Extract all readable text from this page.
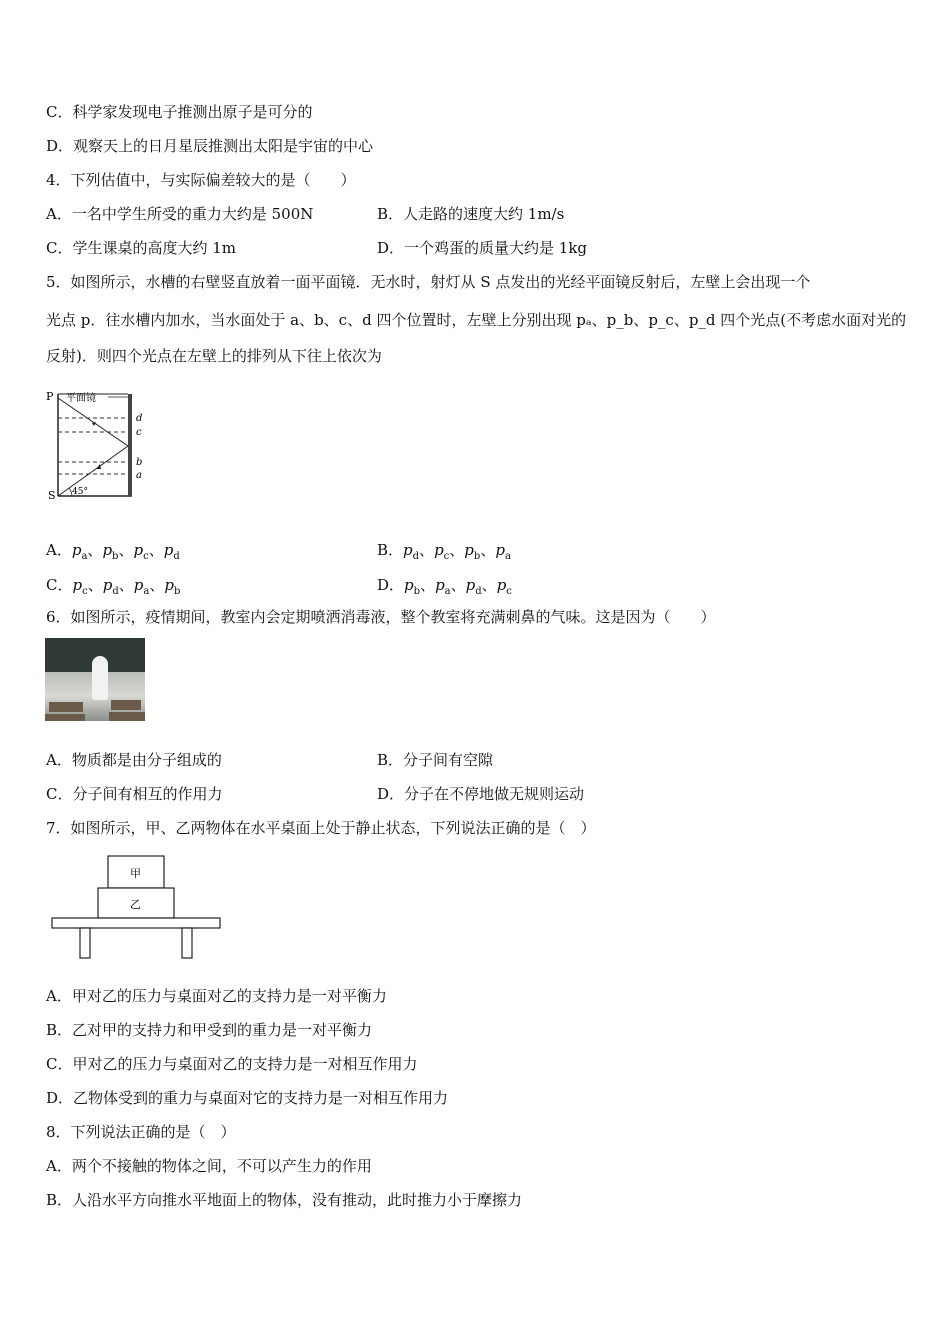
C．科学家发现电子推测出原子是可分的
D．观察天上的日月星辰推测出太阳是宇宙的中心
4．下列估值中，与实际偏差较大的是（　　）
A．一名中学生所受的重力大约是 500N	B．人走路的速度大约 1m/s
C．学生课桌的高度大约 1m	D．一个鸡蛋的质量大约是 1kg
5．如图所示，水槽的右壁竖直放着一面平面镜．无水时，射灯从 S 点发出的光经平面镜反射后，左壁上会出现一个
光点 p．往水槽内加水，当水面处于 a、b、c、d 四个位置时，左壁上分别出现 pₐ、p_b、p_c、p_d 四个光点(不考虑水面对光的
反射)．则四个光点在左壁上的排列从下往上依次为
P 平面镜
d
c
b
a
S 45°
A．$p_a$、$p_b$、$p_c$、$p_d$	B．$p_d$、$p_c$、$p_b$、$p_a$
C．$p_c$、$p_d$、$p_a$、$p_b$	D．$p_b$、$p_a$、$p_d$、$p_c$
6．如图所示，疫情期间，教室内会定期喷洒消毒液，整个教室将充满刺鼻的气味。这是因为（　　）
A．物质都是由分子组成的	B．分子间有空隙
C．分子间有相互的作用力	D．分子在不停地做无规则运动
7．如图所示，甲、乙两物体在水平桌面上处于静止状态，下列说法正确的是（　）
甲
乙
A．甲对乙的压力与桌面对乙的支持力是一对平衡力
B．乙对甲的支持力和甲受到的重力是一对平衡力
C．甲对乙的压力与桌面对乙的支持力是一对相互作用力
D．乙物体受到的重力与桌面对它的支持力是一对相互作用力
8．下列说法正确的是（　）
A．两个不接触的物体之间，不可以产生力的作用
B．人沿水平方向推水平地面上的物体，没有推动，此时推力小于摩擦力
